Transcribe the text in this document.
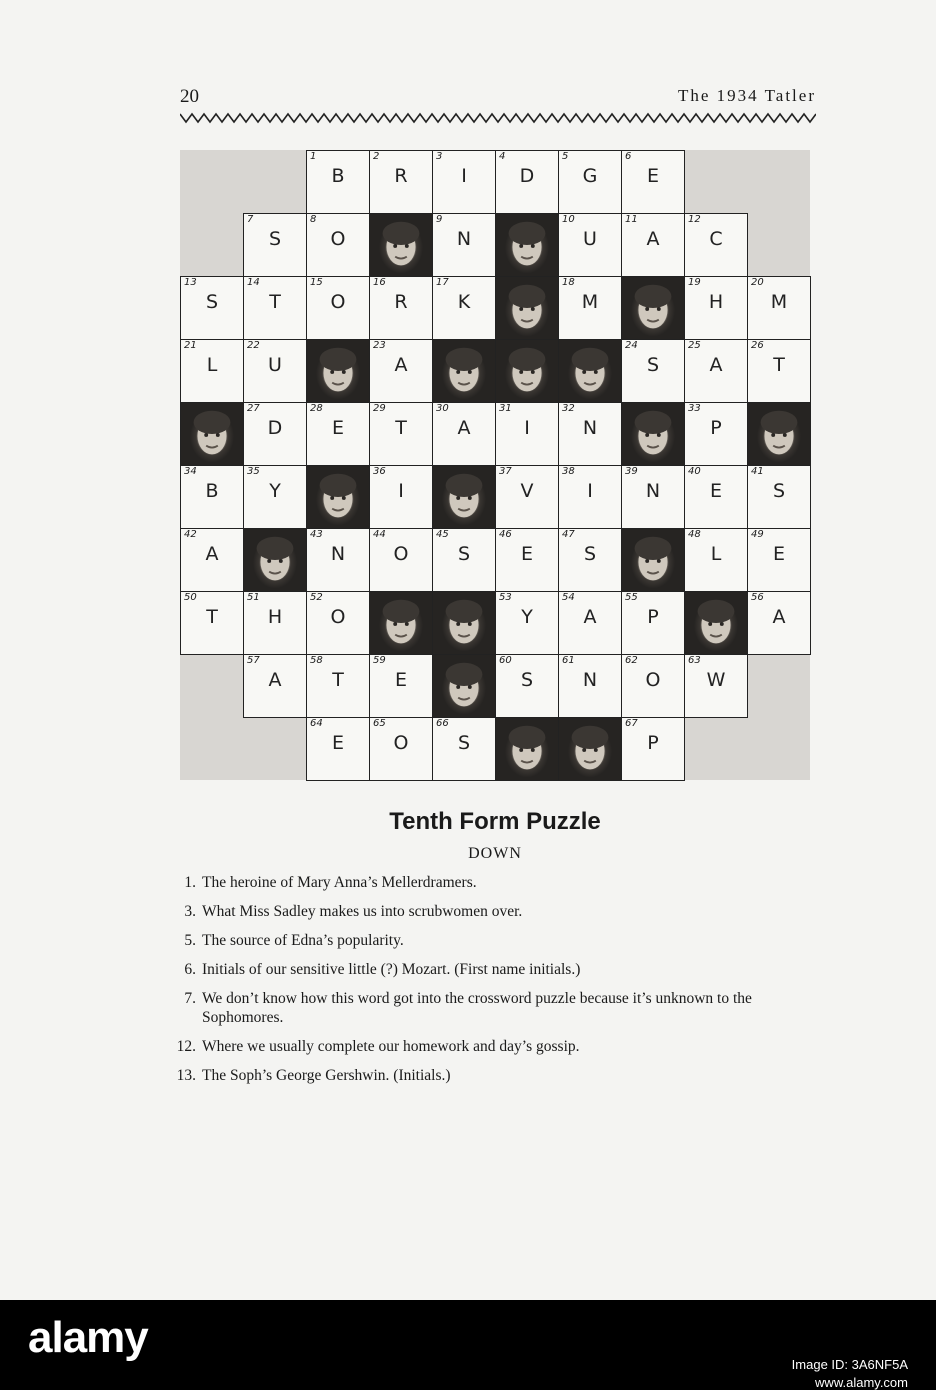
20	The 1934 Tatler
1
B
2
R
3
I
4
D
5
G
6
E
7
S
8
O
9
N
10
U
11
A
12
C
13
S
14
T
15
O
16
R
17
K
18
M
19
H
20
M
21
L
22
U
23
A
24
S
25
A
26
T
27
D
28
E
29
T
30
A
31
I
32
N
33
P
34
B
35
Y
36
I
37
V
38
I
39
N
40
E
41
S
42
A
43
N
44
O
45
S
46
E
47
S
48
L
49
E
50
T
51
H
52
O
53
Y
54
A
55
P
56
A
57
A
58
T
59
E
60
S
61
N
62
O
63
W
64
E
65
O
66
S
67
P
Tenth Form Puzzle
DOWN
1. The heroine of Mary Anna’s Mellerdramers.
3. What Miss Sadley makes us into scrubwomen over.
5. The source of Edna’s popularity.
6. Initials of our sensitive little (?) Mozart. (First name initials.)
7. We don’t know how this word got into the crossword puzzle because it’s unknown to the Sophomores.
12. Where we usually complete our homework and day’s gossip.
13. The Soph’s George Gershwin. (Initials.)
alamy
Image ID: 3A6NF5A
www.alamy.com
